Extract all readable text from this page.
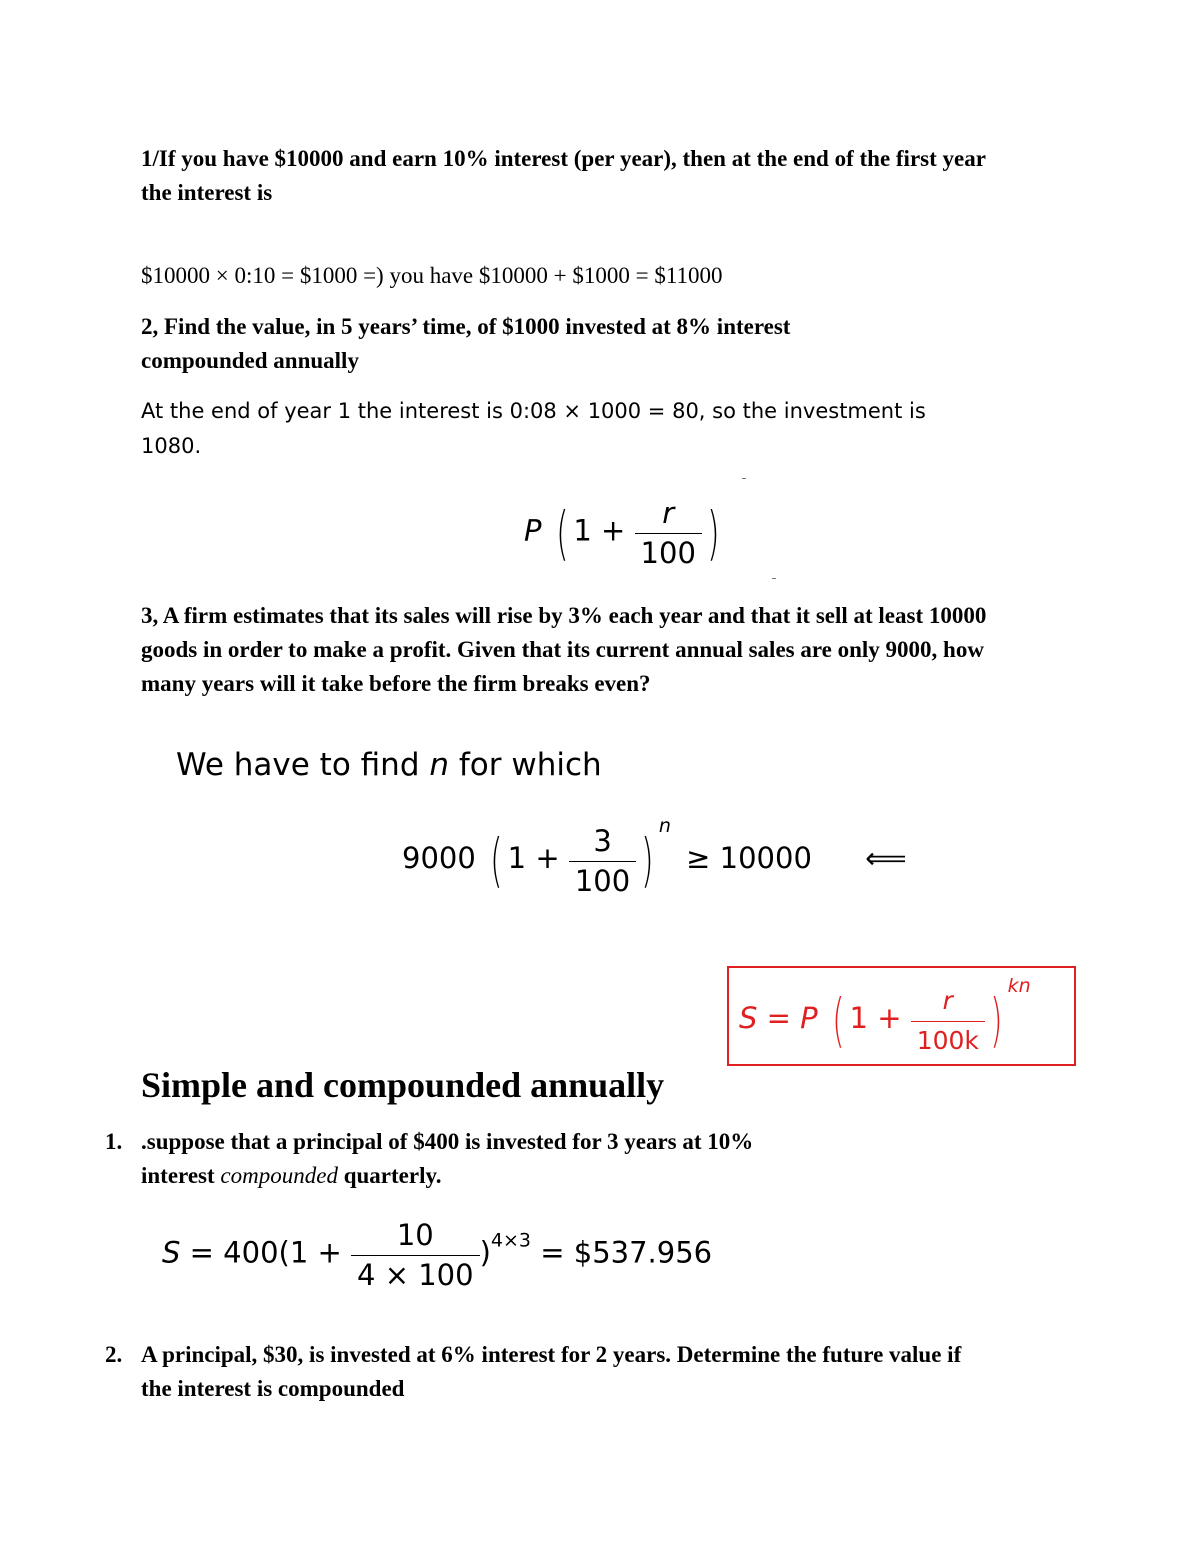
1/If you have $10000 and earn 10% interest (per year), then at the end of the first year
the interest is
$10000 × 0:10 = $1000 =) you have $10000 + $1000 = $11000
2, Find the value, in 5 years’ time, of $1000 invested at 8% interest
compounded annually
At the end of year 1 the interest is 0:08 × 1000 = 80, so the investment is
1080.
P ( $1 + \frac{r}{100}$ )
3, A firm estimates that its sales will rise by 3% each year and that it sell at least 10000
goods in order to make a profit. Given that its current annual sales are only 9000, how
many years will it take before the firm breaks even?
We have to find n for which
9000 ( $1 + \frac{3}{100}$ ) $^n$ ≥ 10000 ⟸
S = P ( $1 + \frac{r}{100k}$ ) $^{kn}$
Simple and compounded annually
1. .suppose that a principal of $400 is invested for 3 years at 10%
interest compounded quarterly.
$S = 400(1 + \frac{10}{4 \times 100} )^{4\times 3}$ = $537.956
2. A principal, $30, is invested at 6% interest for 2 years. Determine the future value if
the interest is compounded
